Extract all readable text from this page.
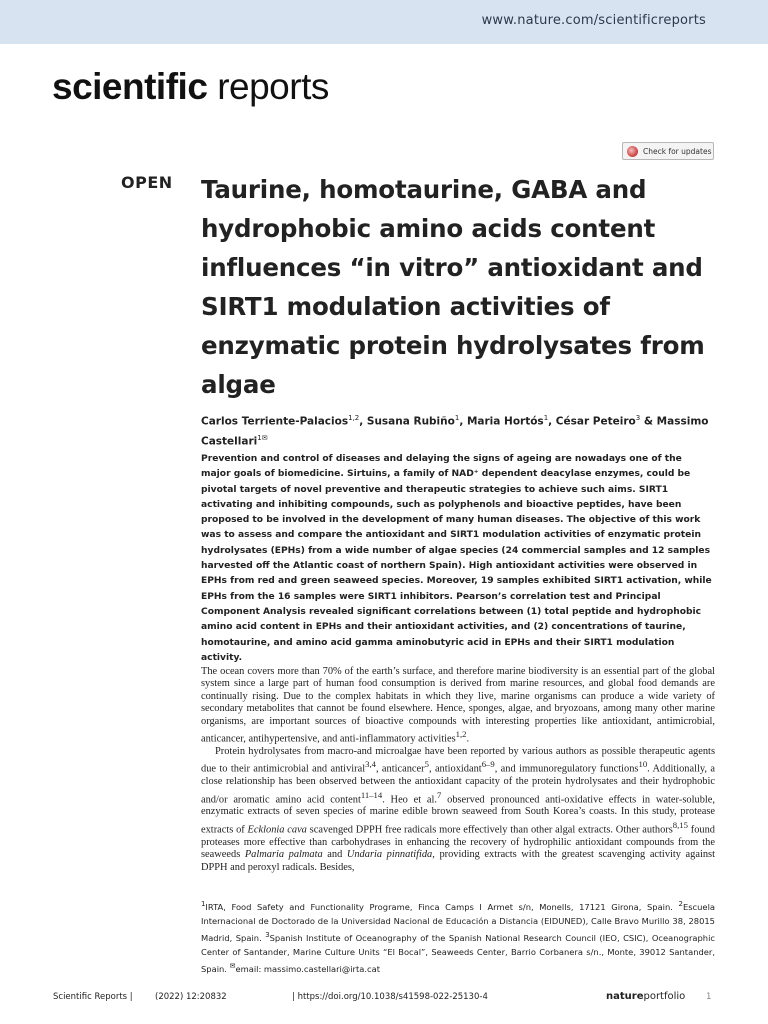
www.nature.com/scientificreports
scientific reports
Check for updates
OPEN Taurine, homotaurine, GABA and hydrophobic amino acids content influences “in vitro” antioxidant and SIRT1 modulation activities of enzymatic protein hydrolysates from algae
Carlos Terriente‑Palacios$^{1,2}$, Susana Rubiño$^1$, Maria Hortós$^1$, César Peteiro$^3$ & Massimo Castellari$^{1✉}$
Prevention and control of diseases and delaying the signs of ageing are nowadays one of the major goals of biomedicine. Sirtuins, a family of NAD⁺ dependent deacylase enzymes, could be pivotal targets of novel preventive and therapeutic strategies to achieve such aims. SIRT1 activating and inhibiting compounds, such as polyphenols and bioactive peptides, have been proposed to be involved in the development of many human diseases. The objective of this work was to assess and compare the antioxidant and SIRT1 modulation activities of enzymatic protein hydrolysates (EPHs) from a wide number of algae species (24 commercial samples and 12 samples harvested off the Atlantic coast of northern Spain). High antioxidant activities were observed in EPHs from red and green seaweed species. Moreover, 19 samples exhibited SIRT1 activation, while EPHs from the 16 samples were SIRT1 inhibitors. Pearson’s correlation test and Principal Component Analysis revealed significant correlations between (1) total peptide and hydrophobic amino acid content in EPHs and their antioxidant activities, and (2) concentrations of taurine, homotaurine, and amino acid gamma aminobutyric acid in EPHs and their SIRT1 modulation activity.

The ocean covers more than 70% of the earth’s surface, and therefore marine biodiversity is an essential part of the global system since a large part of human food consumption is derived from marine resources, and global food demands are continually rising. Due to the complex habitats in which they live, marine organisms can produce a wide variety of secondary metabolites that cannot be found elsewhere. Hence, sponges, algae, and bryozoans, among many other marine organisms, are important sources of bioactive compounds with interesting properties like antioxidant, antimicrobial, anticancer, antihypertensive, and anti‑inflammatory activities$^{1,2}$.

Protein hydrolysates from macro‑and microalgae have been reported by various authors as possible therapeutic agents due to their antimicrobial and antiviral$^{3,4}$, anticancer$^5$, antioxidant$^{6-9}$, and immunoregulatory functions$^{10}$. Additionally, a close relationship has been observed between the antioxidant capacity of the protein hydrolysates and their hydrophobic and/or aromatic amino acid content$^{11-14}$. Heo et al.$^7$ observed pronounced anti‑oxidative effects in water‑soluble, enzymatic extracts of seven species of marine edible brown seaweed from South Korea’s coasts. In this study, protease extracts of Ecklonia cava scavenged DPPH free radicals more effectively than other algal extracts. Other authors$^{8,15}$ found proteases more effective than carbohydrases in enhancing the recovery of hydrophilic antioxidant compounds from the seaweeds Palmaria palmata and Undaria pinnatifida, providing extracts with the greatest scavenging activity against DPPH and peroxyl radicals. Besides,

$^1$IRTA, Food Safety and Functionality Programe, Finca Camps I Armet s/n, Monells, 17121 Girona, Spain. $^2$Escuela Internacional de Doctorado de la Universidad Nacional de Educación a Distancia (EIDUNED), Calle Bravo Murillo 38, 28015 Madrid, Spain. $^3$Spanish Institute of Oceanography of the Spanish National Research Council (IEO, CSIC), Oceanographic Center of Santander, Marine Culture Units “El Bocal”, Seaweeds Center, Barrio Corbanera s/n., Monte, 39012 Santander, Spain. ✉email: massimo.castellari@irta.cat
Scientific Reports |	(2022) 12:20832	| https://doi.org/10.1038/s41598-022-25130-4	natureportfolio 1
